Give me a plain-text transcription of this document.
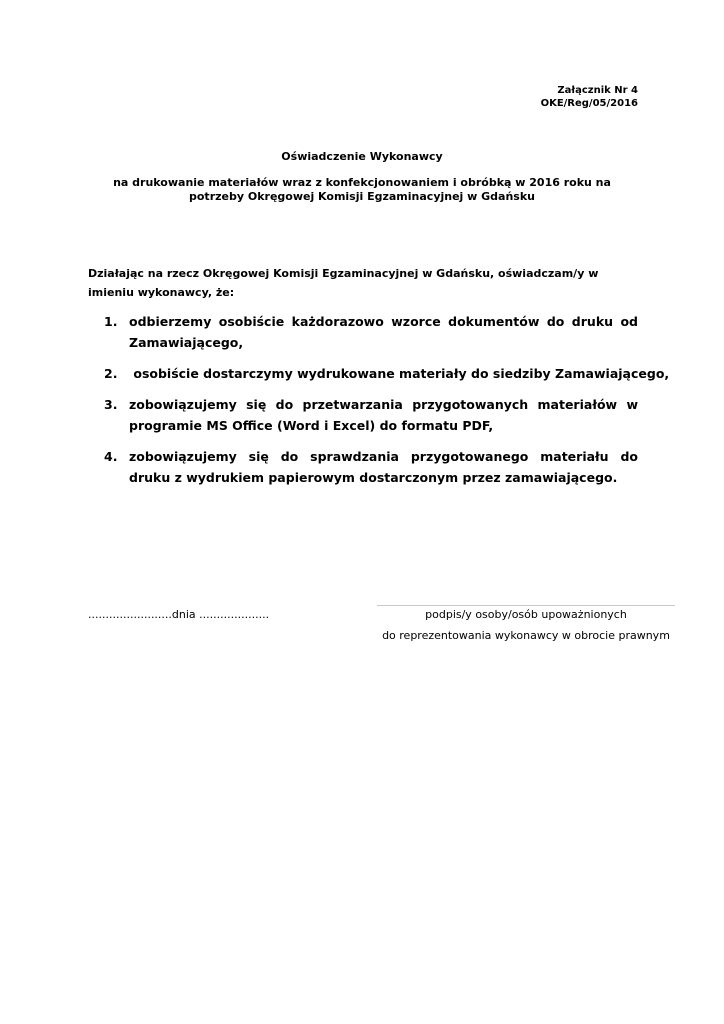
Załącznik Nr 4
OKE/Reg/05/2016
Oświadczenie Wykonawcy
na drukowanie materiałów wraz z konfekcjonowaniem i obróbką w 2016 roku na potrzeby Okręgowej Komisji Egzaminacyjnej w Gdańsku
Działając na rzecz Okręgowej Komisji Egzaminacyjnej w Gdańsku, oświadczam/y w imieniu wykonawcy, że:
1. odbierzemy osobiście każdorazowo wzorce dokumentów do druku od Zamawiającego,
2. osobiście dostarczymy wydrukowane materiały do siedziby Zamawiającego,
3. zobowiązujemy się do przetwarzania przygotowanych materiałów w programie MS Office (Word i Excel) do formatu PDF,
4. zobowiązujemy się do sprawdzania przygotowanego materiału do druku z wydrukiem papierowym dostarczonym przez zamawiającego.
........................dnia ....................	podpis/y osoby/osób upoważnionych
do reprezentowania wykonawcy w obrocie prawnym
